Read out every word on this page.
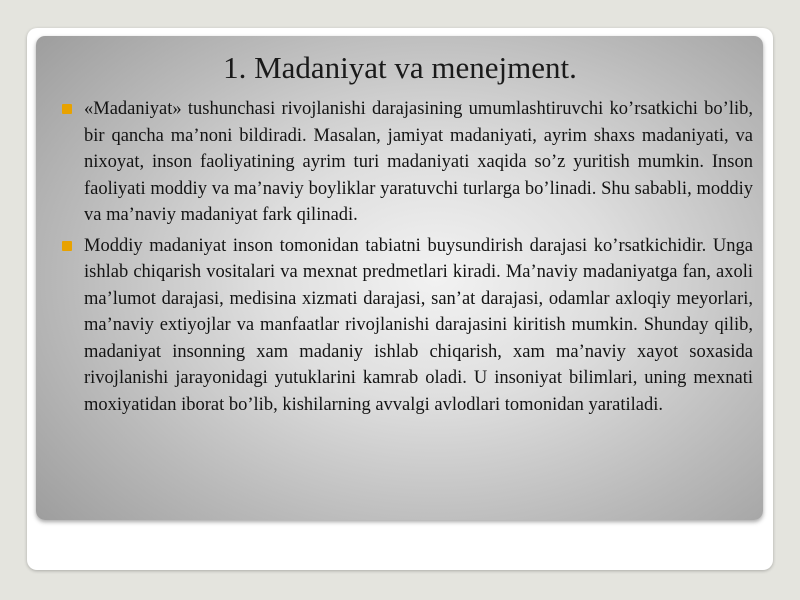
1. Madaniyat va menejment.
«Madaniyat» tushunchasi rivojlanishi darajasining umumlashtiruvchi ko’rsatkichi bo’lib, bir qancha ma’noni bildiradi. Masalan, jamiyat madaniyati, ayrim shaxs madaniyati, va nixoyat, inson faoliyatining ayrim turi madaniyati xaqida so’z yuritish mumkin. Inson faoliyati moddiy va ma’naviy boyliklar yaratuvchi turlarga bo’linadi. Shu sababli, moddiy va ma’naviy madaniyat fark qilinadi.
Moddiy madaniyat inson tomonidan tabiatni buysundirish darajasi ko’rsatkichidir. Unga ishlab chiqarish vositalari va mexnat predmetlari kiradi. Ma’naviy madaniyatga fan, axoli ma’lumot darajasi, medisina xizmati darajasi, san’at darajasi, odamlar axloqiy meyorlari, ma’naviy extiyojlar va manfaatlar rivojlanishi darajasini kiritish mumkin. Shunday qilib, madaniyat insonning xam madaniy ishlab chiqarish, xam ma’naviy xayot soxasida rivojlanishi jarayonidagi yutuklarini kamrab oladi. U insoniyat bilimlari, uning mexnati moxiyatidan iborat bo’lib, kishilarning avvalgi avlodlari tomonidan yaratiladi.
